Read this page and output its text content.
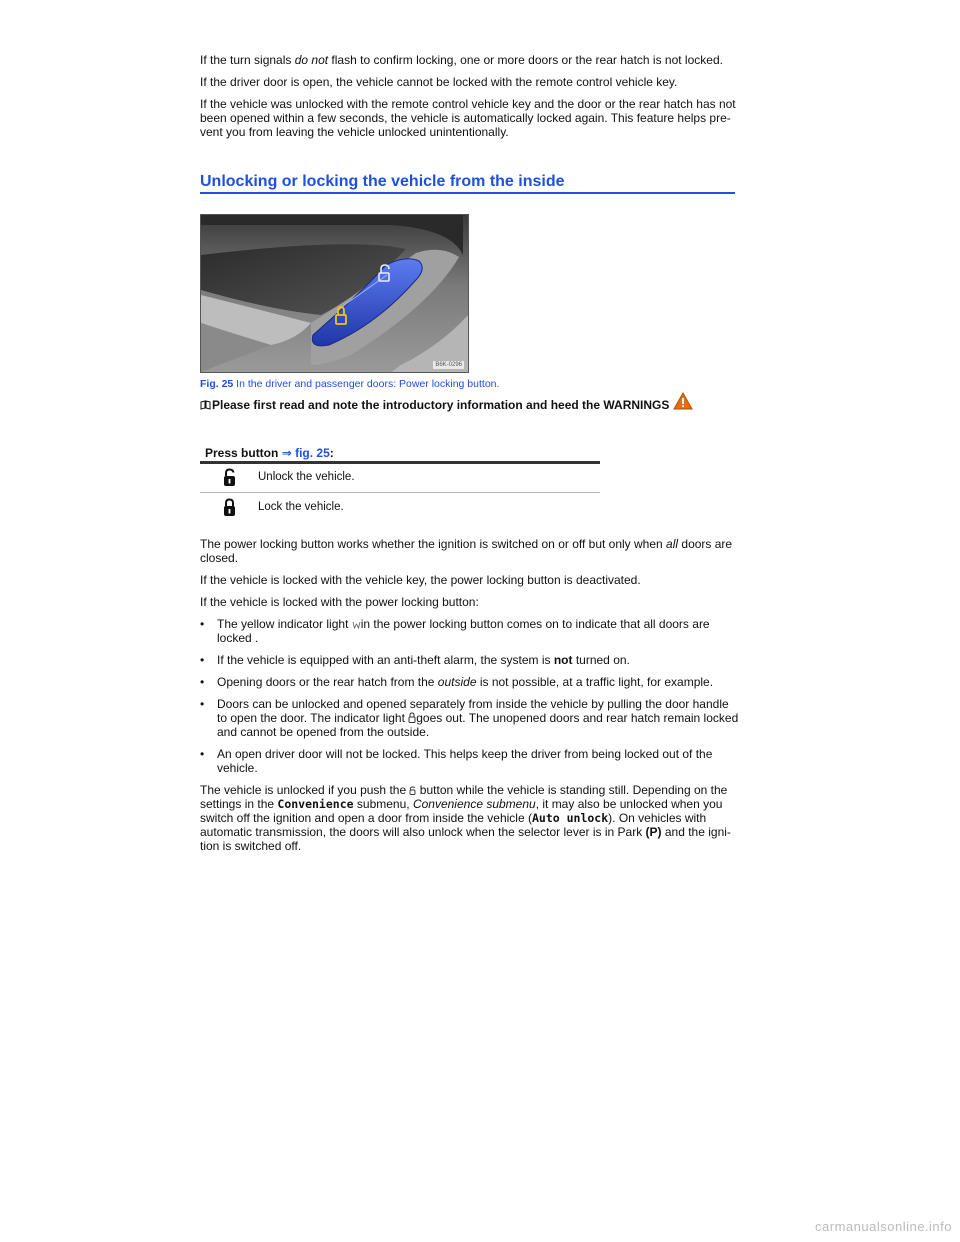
If the turn signals do not flash to confirm locking, one or more doors or the rear hatch is not locked.

If the driver door is open, the vehicle cannot be locked with the remote control vehicle key.

If the vehicle was unlocked with the remote control vehicle key and the door or the rear hatch has not been opened within a few seconds, the vehicle is automatically locked again. This feature helps pre-vent you from leaving the vehicle unlocked unintentionally.

Unlocking or locking the vehicle from the inside
B6K-0296
Fig. 25 In the driver and passenger doors: Power locking button.
Please first read and note the introductory information and heed the WARNINGS
Press button ⇒ fig. 25:
Unlock the vehicle.
Lock the vehicle.

The power locking button works whether the ignition is switched on or off but only when all doors are closed.

If the vehicle is locked with the vehicle key, the power locking button is deactivated.

If the vehicle is locked with the power locking button:

•	The yellow indicator light in the power locking button comes on to indicate that all doors are locked .

•	If the vehicle is equipped with an anti-theft alarm, the system is not turned on.

•	Opening doors or the rear hatch from the outside is not possible, at a traffic light, for example.

•	Doors can be unlocked and opened separately from inside the vehicle by pulling the door handle to open the door. The indicator light goes out. The unopened doors and rear hatch remain locked and cannot be opened from the outside.

•	An open driver door will not be locked. This helps keep the driver from being locked out of the vehicle.

The vehicle is unlocked if you push the  button while the vehicle is standing still. Depending on the settings in the Convenience submenu, Convenience submenu, it may also be unlocked when you switch off the ignition and open a door from inside the vehicle (Auto unlock). On vehicles with automatic transmission, the doors will also unlock when the selector lever is in Park (P) and the igni-tion is switched off.

carmanualsonline.info
